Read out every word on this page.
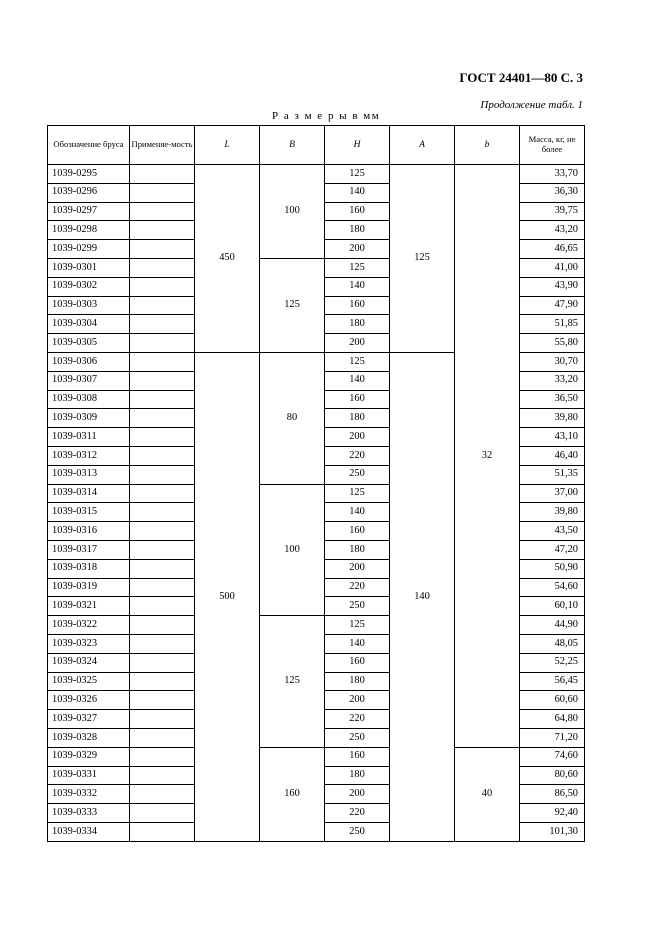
ГОСТ 24401—80 С. 3
Продолжение табл. 1
Р а з м е р ы в мм
Обозначение бруса	Применяе-мость	L	B	H	A	b	Масса, кг, не более
1039-0295		450	100	125	125	32	33,70
1039-0296				140			36,30
1039-0297				160			39,75
1039-0298				180			43,20
1039-0299				200			46,65
1039-0301			125	125			41,00
1039-0302				140			43,90
1039-0303				160			47,90
1039-0304				180			51,85
1039-0305				200			55,80
1039-0306		500	80	125	140		30,70
1039-0307				140			33,20
1039-0308				160			36,50
1039-0309				180			39,80
1039-0311				200			43,10
1039-0312				220			46,40
1039-0313				250			51,35
1039-0314			100	125			37,00
1039-0315				140			39,80
1039-0316				160			43,50
1039-0317				180			47,20
1039-0318				200			50,90
1039-0319				220			54,60
1039-0321				250			60,10
1039-0322			125	125			44,90
1039-0323				140			48,05
1039-0324				160			52,25
1039-0325				180			56,45
1039-0326				200			60,60
1039-0327				220			64,80
1039-0328				250			71,20
1039-0329			160	160		40	74,60
1039-0331				180			80,60
1039-0332				200			86,50
1039-0333				220			92,40
1039-0334				250			101,30
